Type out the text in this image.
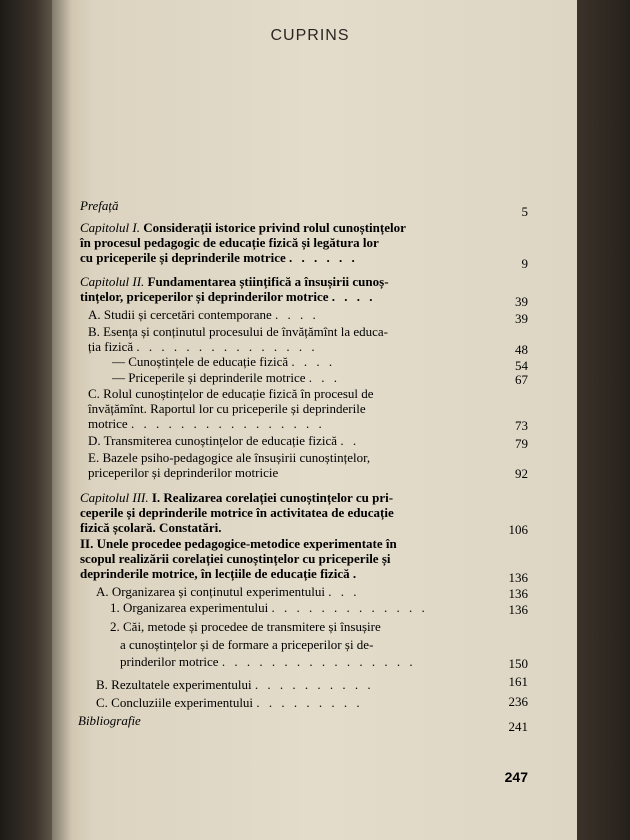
CUPRINS
Prefață	5
Capitolul I. Considerații istorice privind rolul cunoștințelor
în procesul pedagogic de educație fizică și legătura lor
cu priceperile și deprinderile motrice . . . . . .	9
Capitolul II. Fundamentarea științifică a însușirii cunoș-
tințelor, priceperilor și deprinderilor motrice . . . .	39
A. Studii și cercetări contemporane . . . .	39
B. Esența și conținutul procesului de învățămînt la educa-
ția fizică . . . . . . . . . . . . . . .	48
— Cunoștințele de educație fizică . . . .	54
— Priceperile și deprinderile motrice . . .	67
C. Rolul cunoștințelor de educație fizică în procesul de
învățămînt. Raportul lor cu priceperile și deprinderile
motrice . . . . . . . . . . . . . . . .	73
D. Transmiterea cunoștințelor de educație fizică . .	79
E. Bazele psiho-pedagogice ale însușirii cunoștințelor,
priceperilor și deprinderilor motricie	92
Capitolul III. I. Realizarea corelației cunoștințelor cu pri-
ceperile și deprinderile motrice în activitatea de educație
fizică școlară. Constatări.	106
II. Unele procedee pedagogice-metodice experimentate în
scopul realizării corelației cunoștințelor cu priceperile și
deprinderile motrice, în lecțiile de educație fizică .	136
A. Organizarea și conținutul experimentului . . .	136
1. Organizarea experimentului . . . . . . . . . . . . .	136
2. Căi, metode și procedee de transmitere și însușire
a cunoștințelor și de formare a priceperilor și de-
prinderilor motrice . . . . . . . . . . . . . . . .	150
B. Rezultatele experimentului . . . . . . . . . .	161
C. Concluziile experimentului . . . . . . . . .	236
Bibliografie	241
247
